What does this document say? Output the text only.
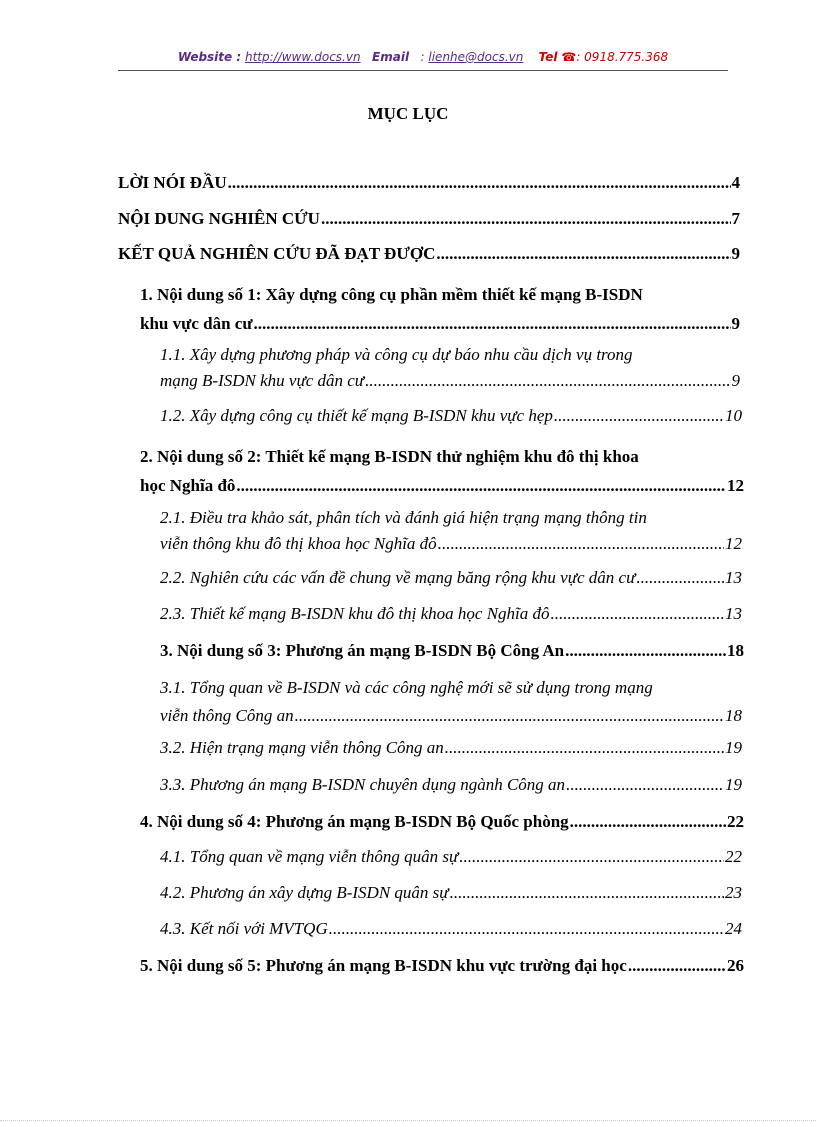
Website : http://www.docs.vn Email : lienhe@docs.vn Tel ☎: 0918.775.368
MỤC LỤC
LỜI NÓI ĐẦU .....	4
NỘI DUNG NGHIÊN CỨU .....	7
KẾT QUẢ NGHIÊN CỨU ĐÃ ĐẠT ĐƯỢC .....	9
1. Nội dung số 1: Xây dựng công cụ phần mềm thiết kế mạng B-ISDN
khu vực dân cư .....	9
1.1. Xây dựng phương pháp và công cụ dự báo nhu cầu dịch vụ trong
mạng B-ISDN khu vực dân cư .....	9
1.2. Xây dựng công cụ thiết kế mạng B-ISDN khu vực hẹp .....	10
2. Nội dung số 2: Thiết kế mạng B-ISDN thử nghiệm khu đô thị khoa
học Nghĩa đô .....	12
2.1. Điều tra khảo sát, phân tích và đánh giá hiện trạng mạng thông tin
viễn thông khu đô thị khoa học Nghĩa đô .....	12
2.2. Nghiên cứu các vấn đề chung về mạng băng rộng khu vực dân cư .....	13
2.3. Thiết kế mạng B-ISDN khu đô thị khoa học Nghĩa đô .....	13
3. Nội dung số 3: Phương án mạng B-ISDN Bộ Công An .....	18
3.1. Tổng quan về B-ISDN và các công nghệ mới sẽ sử dụng trong mạng
viễn thông Công an .....	18
3.2. Hiện trạng mạng viễn thông Công an .....	19
3.3. Phương án mạng B-ISDN chuyên dụng ngành Công an .....	19
4. Nội dung số 4: Phương án mạng B-ISDN Bộ Quốc phòng .....	22
4.1. Tổng quan về mạng viễn thông quân sự .....	22
4.2. Phương án xây dựng B-ISDN quân sự .....	23
4.3. Kết nối với MVTQG .....	24
5. Nội dung số 5: Phương án mạng B-ISDN khu vực trường đại học .....	26
